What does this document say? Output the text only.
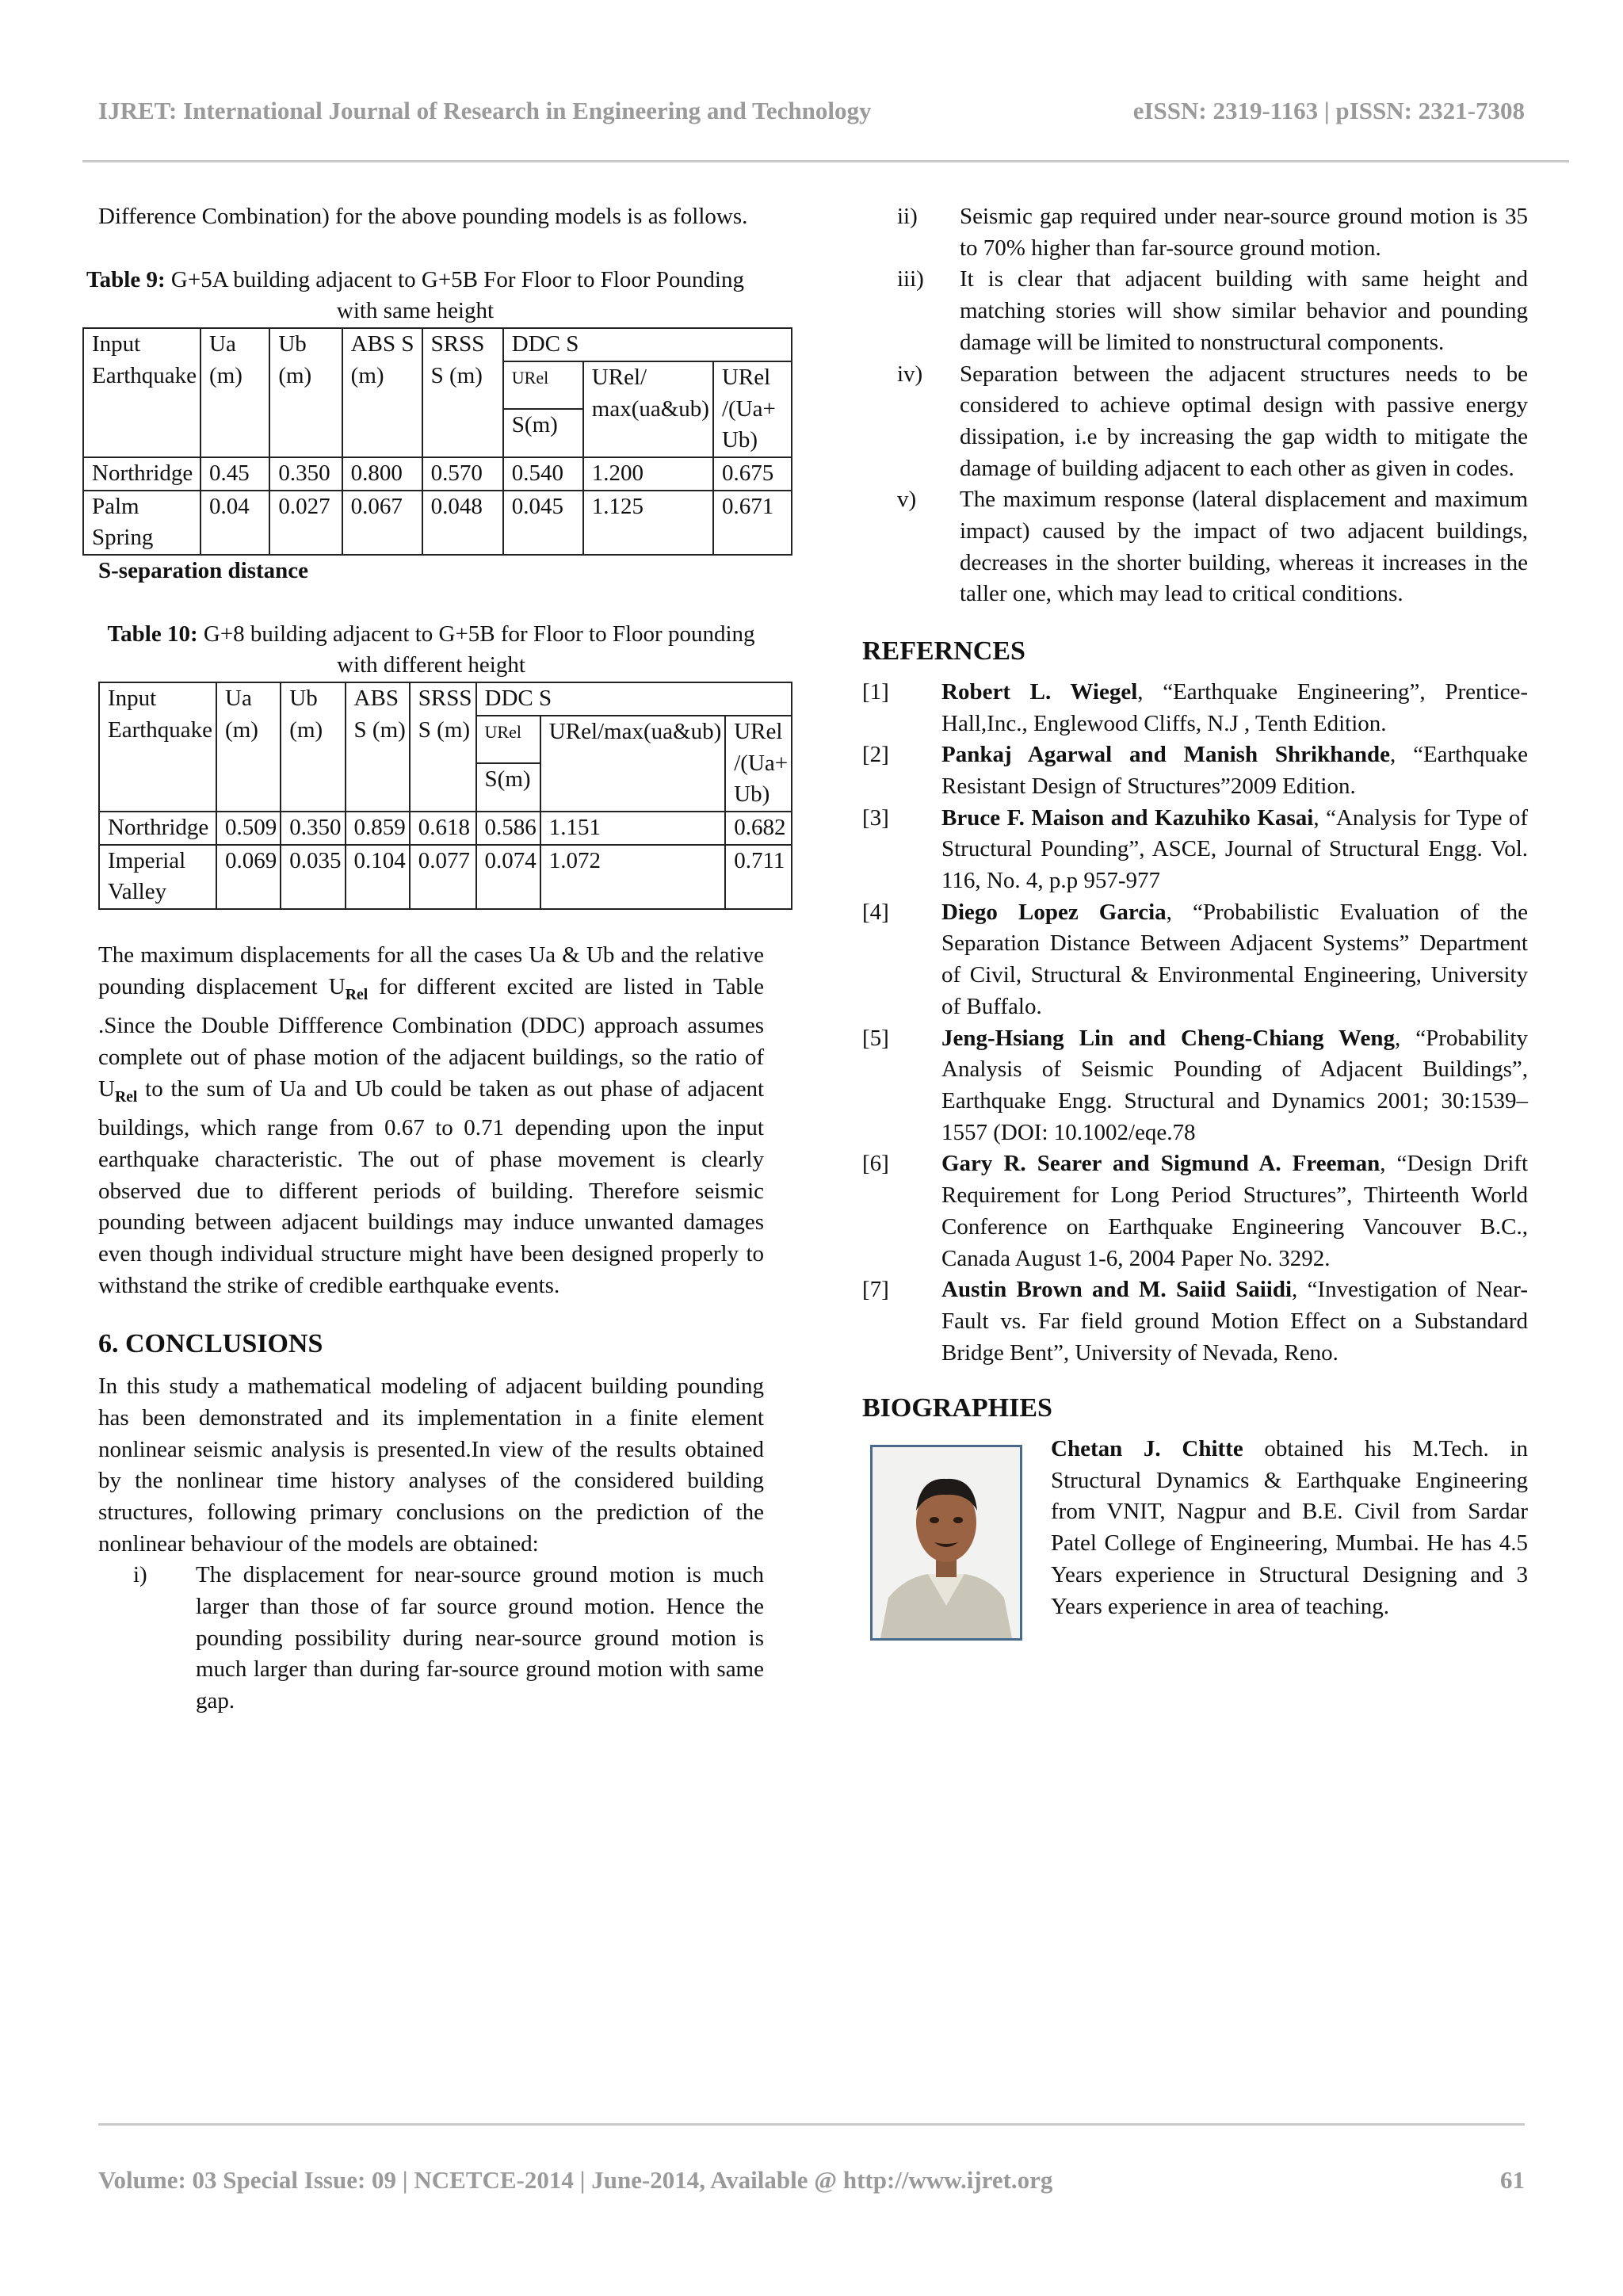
IJRET: International Journal of Research in Engineering and Technology	eISSN: 2319-1163 | pISSN: 2321-7308

Difference Combination) for the above pounding models is as follows.

Table 9: G+5A building adjacent to G+5B For Floor to Floor Pounding with same height

Input Earthquake	Ua (m)	Ub (m)	ABS S (m)	SRSS S (m)	DDC S		
					URel	URel/ max(ua&ub)	URel /(Ua+ Ub)
					S(m)		
Northridge	0.45	0.350	0.800	0.570	0.540	1.200	0.675
Palm Spring	0.04	0.027	0.067	0.048	0.045	1.125	0.671

S-separation distance

Table 10: G+8 building adjacent to G+5B for Floor to Floor pounding with different height

Input Earthquake	Ua (m)	Ub (m)	ABS S (m)	SRSS S (m)	DDC S		
					URel	URel/max(ua&ub)	URel /(Ua+ Ub)
					S(m)		
Northridge	0.509	0.350	0.859	0.618	0.586	1.151	0.682
Imperial Valley	0.069	0.035	0.104	0.077	0.074	1.072	0.711

The maximum displacements for all the cases Ua & Ub and the relative pounding displacement $U_{Rel}$ for different excited are listed in Table .Since the Double Diffference Combination (DDC) approach assumes complete out of phase motion of the adjacent buildings, so the ratio of $U_{Rel}$ to the sum of Ua and Ub could be taken as out phase of adjacent buildings, which range from 0.67 to 0.71 depending upon the input earthquake characteristic. The out of phase movement is clearly observed due to different periods of building. Therefore seismic pounding between adjacent buildings may induce unwanted damages even though individual structure might have been designed properly to withstand the strike of credible earthquake events.

6. CONCLUSIONS

In this study a mathematical modeling of adjacent building pounding has been demonstrated and its implementation in a finite element nonlinear seismic analysis is presented.In view of the results obtained by the nonlinear time history analyses of the considered building structures, following primary conclusions on the prediction of the nonlinear behaviour of the models are obtained:

i)	The displacement for near-source ground motion is much larger than those of far source ground motion. Hence the pounding possibility during near-source ground motion is much larger than during far-source ground motion with same gap.
ii)	Seismic gap required under near-source ground motion is 35 to 70% higher than far-source ground motion.
iii)	It is clear that adjacent building with same height and matching stories will show similar behavior and pounding damage will be limited to nonstructural components.
iv)	Separation between the adjacent structures needs to be considered to achieve optimal design with passive energy dissipation, i.e by increasing the gap width to mitigate the damage of building adjacent to each other as given in codes.
v)	The maximum response (lateral displacement and maximum impact) caused by the impact of two adjacent buildings, decreases in the shorter building, whereas it increases in the taller one, which may lead to critical conditions.

REFERNCES

[1]	Robert L. Wiegel, “Earthquake Engineering”, Prentice-Hall,Inc., Englewood Cliffs, N.J , Tenth Edition.
[2]	Pankaj Agarwal and Manish Shrikhande, “Earthquake Resistant Design of Structures”2009 Edition.
[3]	Bruce F. Maison and Kazuhiko Kasai, “Analysis for Type of Structural Pounding”, ASCE, Journal of Structural Engg. Vol. 116, No. 4, p.p 957-977
[4]	Diego Lopez Garcia, “Probabilistic Evaluation of the Separation Distance Between Adjacent Systems” Department of Civil, Structural & Environmental Engineering, University of Buffalo.
[5]	Jeng-Hsiang Lin and Cheng-Chiang Weng, “Probability Analysis of Seismic Pounding of Adjacent Buildings”, Earthquake Engg. Structural and Dynamics 2001; 30:1539–1557 (DOI: 10.1002/eqe.78
[6]	Gary R. Searer and Sigmund A. Freeman, “Design Drift Requirement for Long Period Structures”, Thirteenth World Conference on Earthquake Engineering Vancouver B.C., Canada August 1-6, 2004 Paper No. 3292.
[7]	Austin Brown and M. Saiid Saiidi, “Investigation of Near-Fault vs. Far field ground Motion Effect on a Substandard Bridge Bent”, University of Nevada, Reno.

BIOGRAPHIES

Chetan J. Chitte obtained his M.Tech. in Structural Dynamics & Earthquake Engineering from VNIT, Nagpur and B.E. Civil from Sardar Patel College of Engineering, Mumbai. He has 4.5 Years experience in Structural Designing and 3 Years experience in area of teaching.

Volume: 03 Special Issue: 09 | NCETCE-2014 | June-2014, Available @ http://www.ijret.org	61
